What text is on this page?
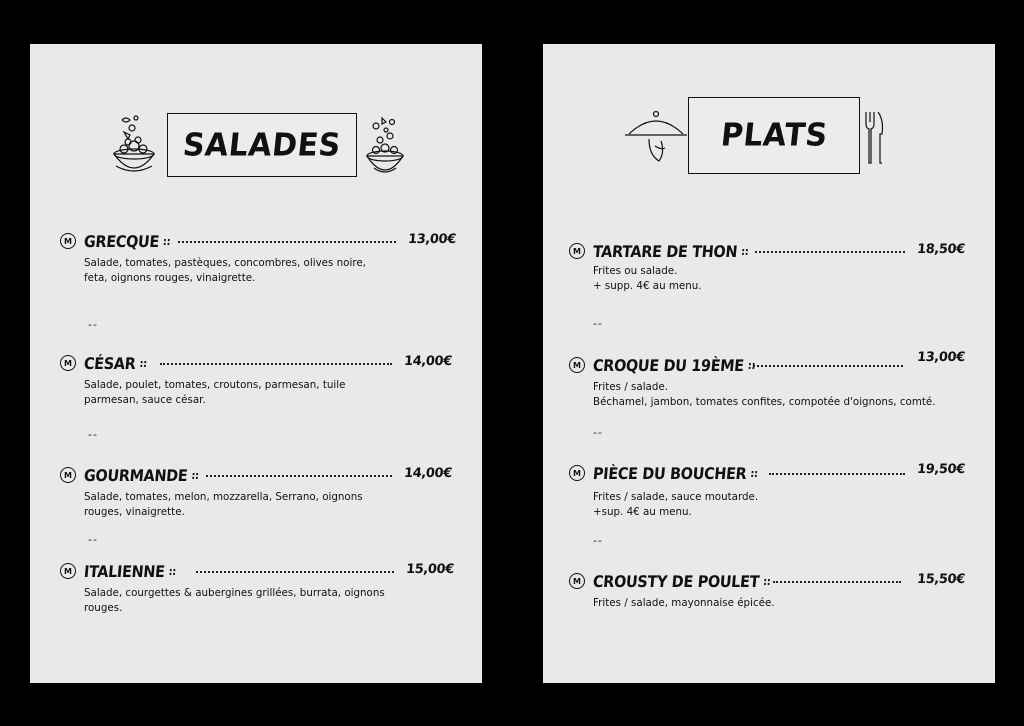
SALADES
M GRECQUE ::	13,00€
Salade, tomates, pastèques, concombres, olives noire,
feta, oignons rouges, vinaigrette.
--
M CÉSAR ::	14,00€
Salade, poulet, tomates, croutons, parmesan, tuile
parmesan, sauce césar.
--
M GOURMANDE ::	14,00€
Salade, tomates, melon, mozzarella, Serrano, oignons
rouges, vinaigrette.
--
M ITALIENNE ::	15,00€
Salade, courgettes & aubergines grillées, burrata, oignons
rouges.
PLATS
M TARTARE DE THON ::	18,50€
Frites ou salade.
+ supp. 4€ au menu.
--
M CROQUE DU 19ÈME ::
13,00€
Frites / salade.
Béchamel, jambon, tomates confites, compotée d'oignons, comté.
--
M PIÈCE DU BOUCHER ::	19,50€
Frites / salade, sauce moutarde.
+sup. 4€ au menu.
--
M CROUSTY DE POULET ::	15,50€
Frites / salade, mayonnaise épicée.
